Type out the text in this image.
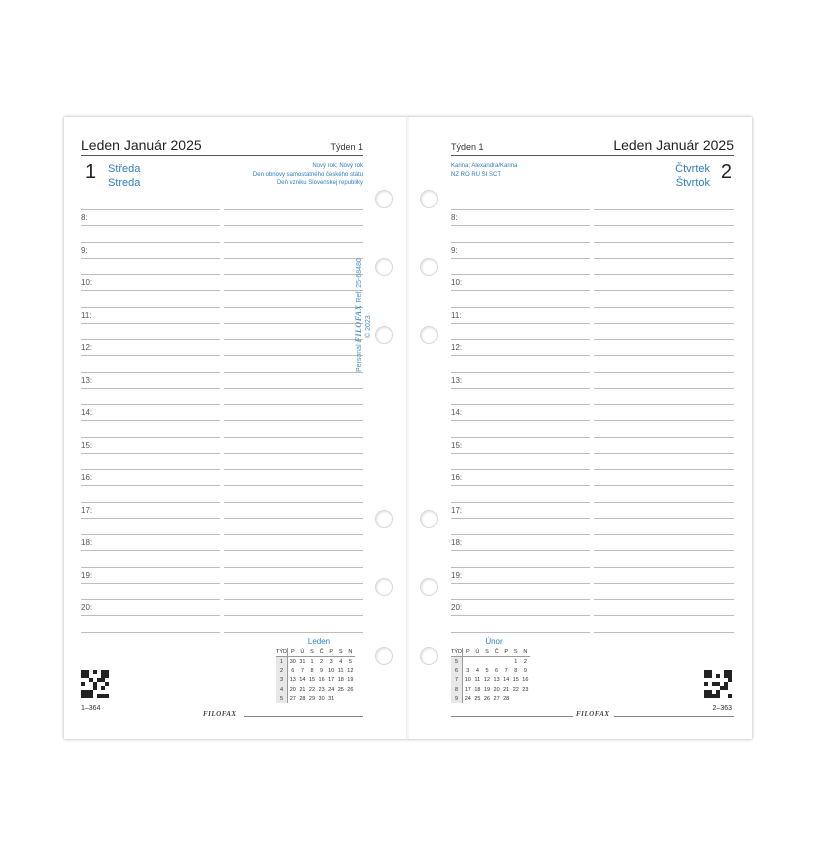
Leden Január 2025	Týden 1
1 Středa
Streda
Nový rok; Nový rok
Den obnovy samostatného českého státu
Deň vzniku Slovenskej republiky
8:
9:
10:
11:
12:
13:
14:
15:
16:
17:
18:
19:
20:
Leden
TÝD	P	Ú	S	Č	P	S	N
1	30	31	1	2	3	4	5
2	6	7	8	9	10	11	12
3	13	14	15	16	17	18	19
4	20	21	22	23	24	25	26
5	27	28	29	30	31		
1–364
FILOFAX
Týden 1	Leden Január 2025
Karina; Alexandra/Karina
NZ RO RU SI SCT	Čtvrtek
Štvrtok 2
8:
9:
10:
11:
12:
13:
14:
15:
16:
17:
18:
19:
20:
Únor
TÝD	P	Ú	S	Č	P	S	N
5						1	2
6	3	4	5	6	7	8	9
7	10	11	12	13	14	15	16
8	17	18	19	20	21	22	23
9	24	25	26	27	28		
2–363
FILOFAX
Personal FILOFAX Ref. 25-68480
© 2023
